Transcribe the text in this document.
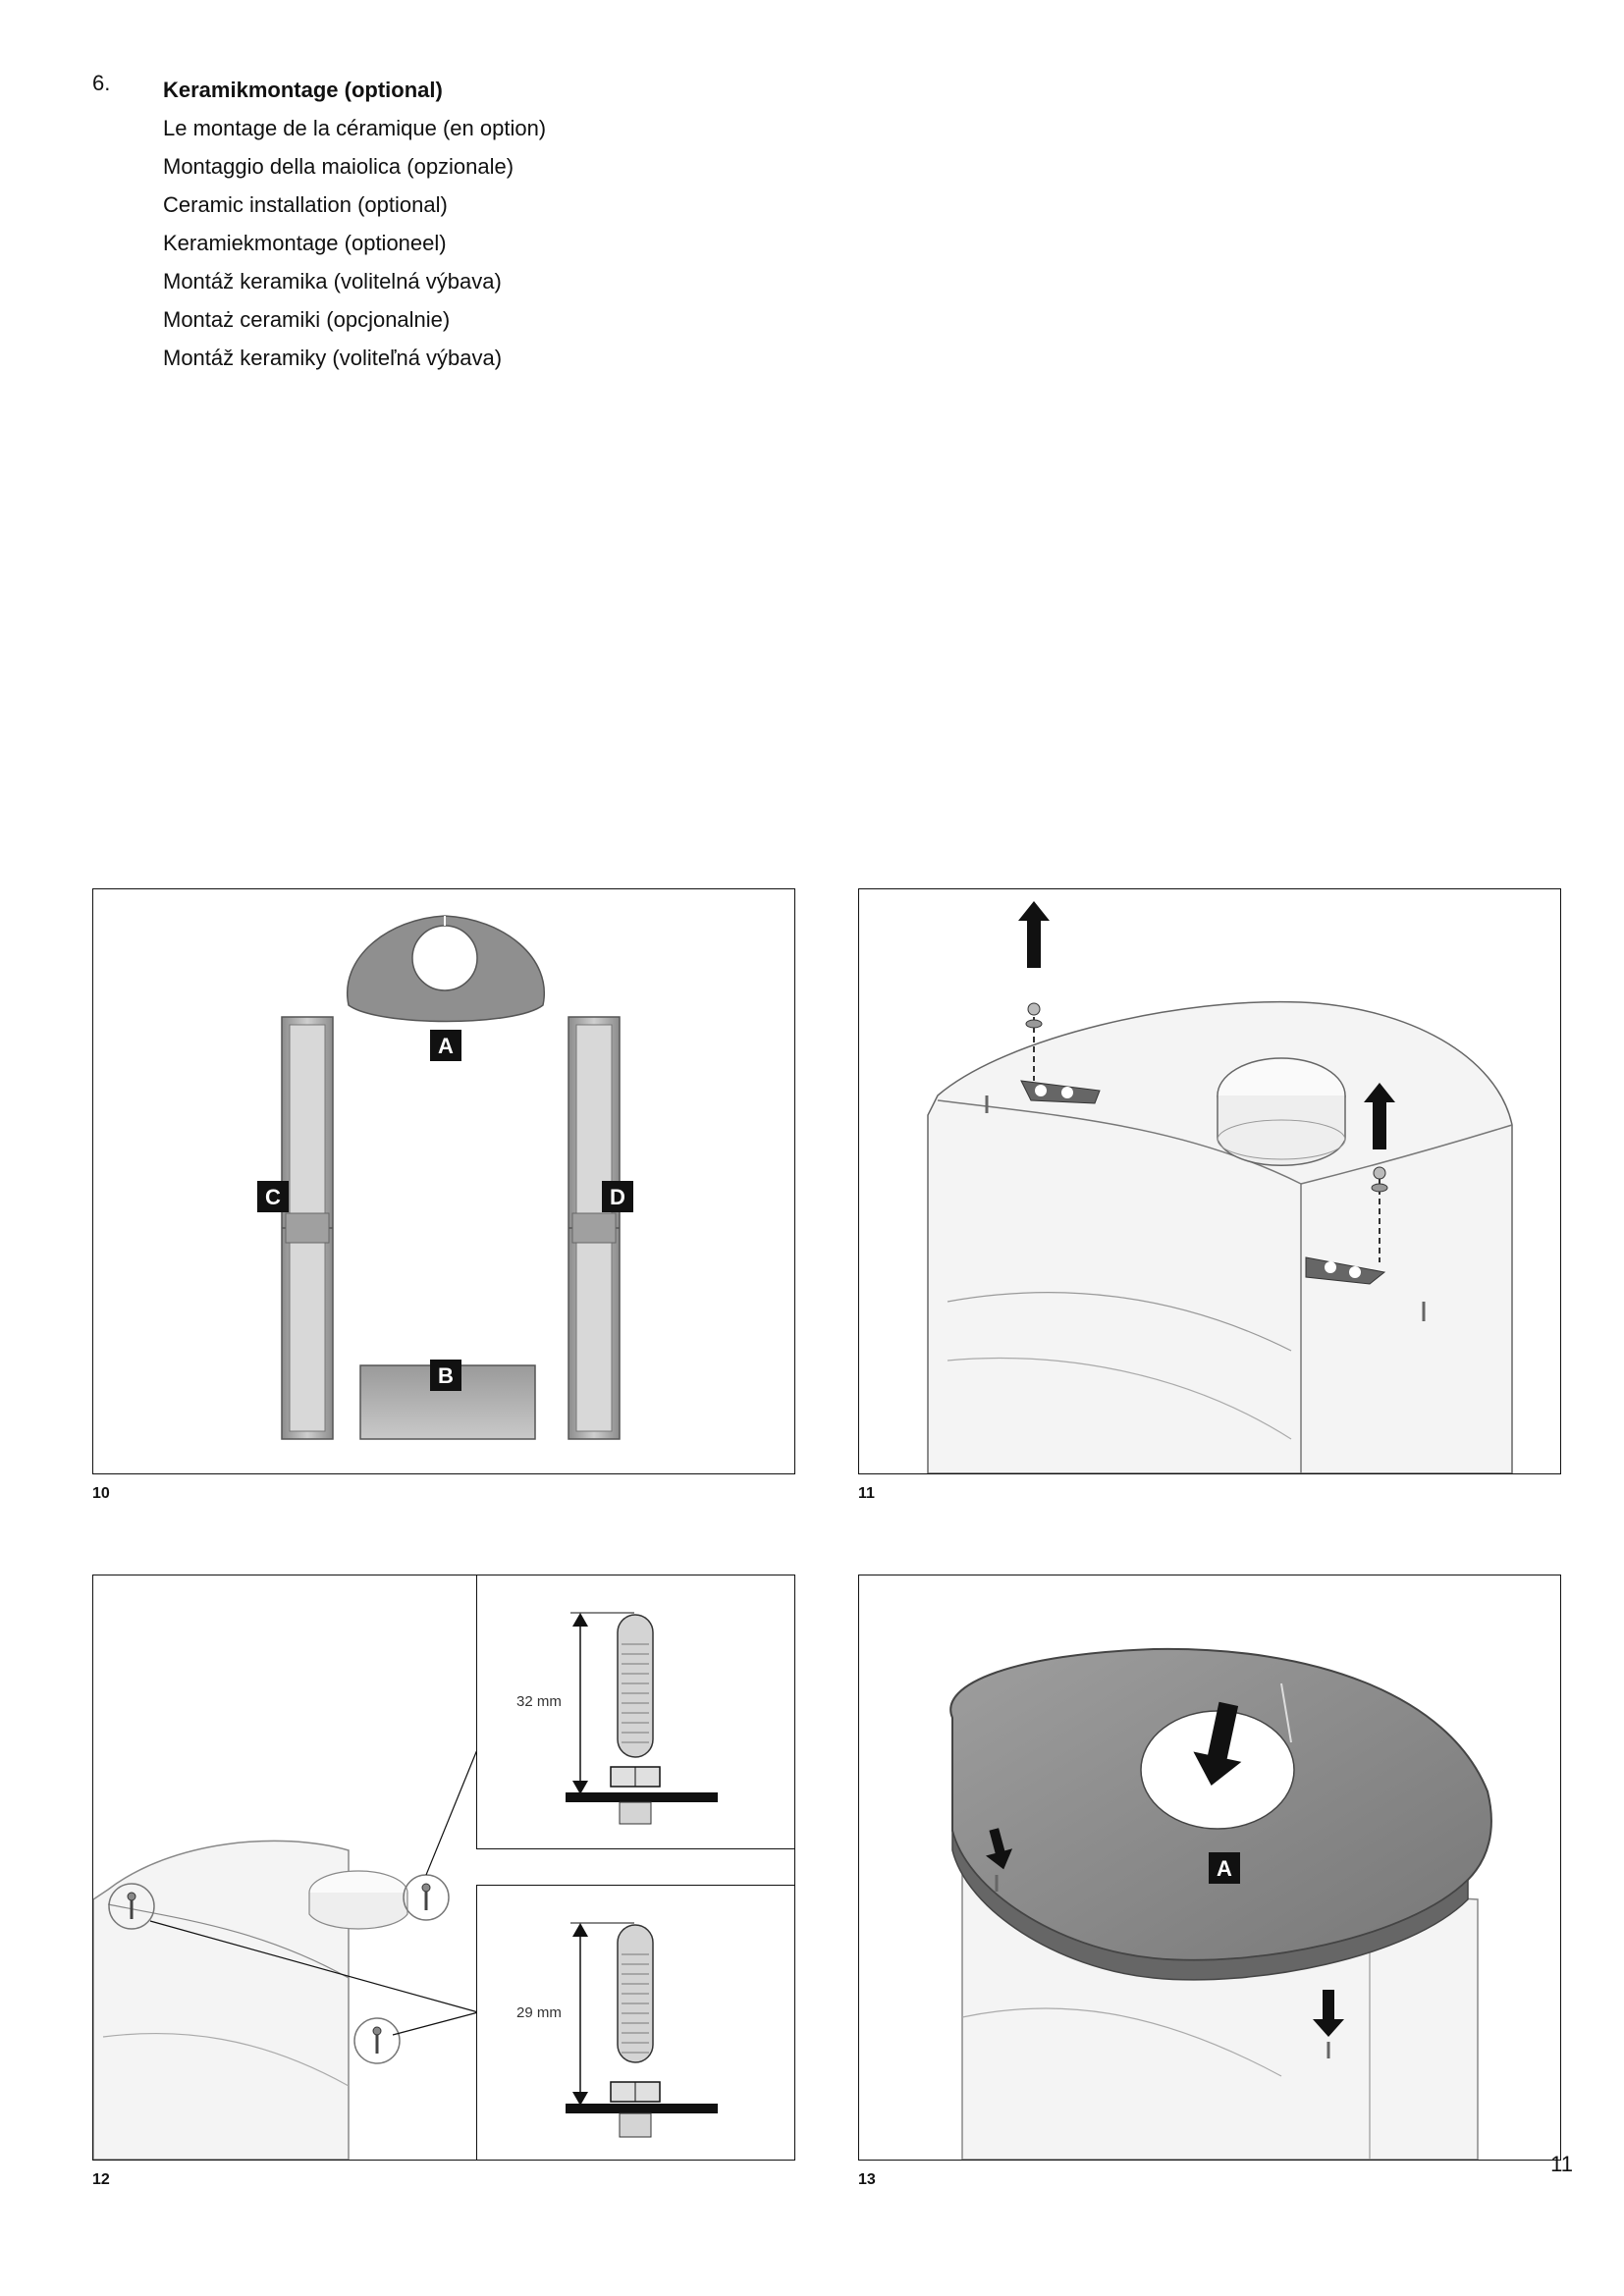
6. Keramikmontage (optional)
Le montage de la céramique (en option)
Montaggio della maiolica (opzionale)
Ceramic installation (optional)
Keramiekmontage (optioneel)
Montáž keramika (volitelná výbava)
Montaż ceramiki (opcjonalnie)
Montáž keramiky (voliteľná výbava)
A
B
C	D
10	11
32 mm
29 mm
12
A
13
11
